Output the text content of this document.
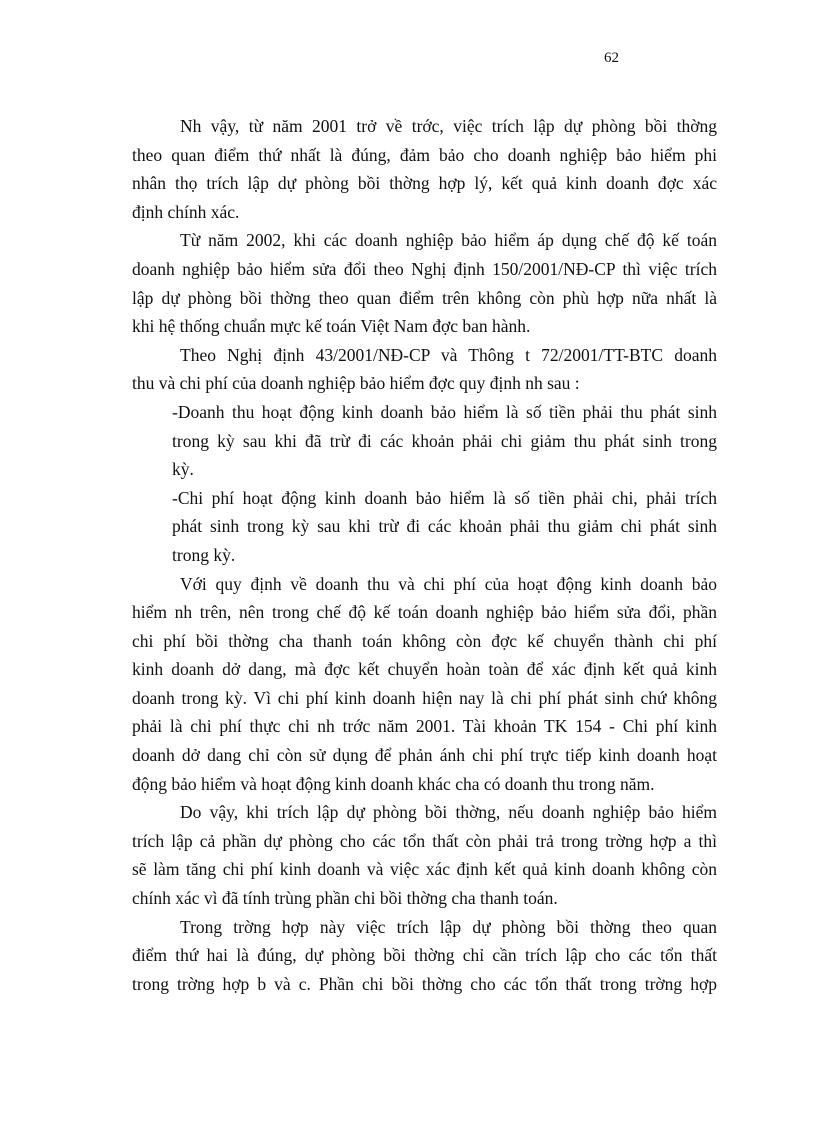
62
Nh vậy, từ năm 2001 trở về trớc, việc trích lập dự phòng bồi thờng
theo quan điểm thứ nhất là đúng, đảm bảo cho doanh nghiệp bảo hiểm phi
nhân thọ trích lập dự phòng bồi thờng hợp lý, kết quả kinh doanh đợc xác
định chính xác.
Từ năm 2002, khi các doanh nghiệp bảo hiểm áp dụng chế độ kế toán
doanh nghiệp bảo hiểm sửa đổi theo Nghị định 150/2001/NĐ-CP thì việc trích
lập dự phòng bồi thờng theo quan điểm trên không còn phù hợp nữa nhất là
khi hệ thống chuẩn mực kế toán Việt Nam đợc ban hành.
Theo Nghị định 43/2001/NĐ-CP và Thông t 72/2001/TT-BTC doanh
thu và chi phí của doanh nghiệp bảo hiểm đợc quy định nh sau :
-Doanh thu hoạt động kinh doanh bảo hiểm là số tiền phải thu phát sinh
trong kỳ sau khi đã trừ đi các khoản phải chi giảm thu phát sinh trong
kỳ.
-Chi phí hoạt động kinh doanh bảo hiểm là số tiền phải chi, phải trích
phát sinh trong kỳ sau khi trừ đi các khoản phải thu giảm chi phát sinh
trong kỳ.
Với quy định về doanh thu và chi phí của hoạt động kinh doanh bảo
hiểm nh trên, nên trong chế độ kế toán doanh nghiệp bảo hiểm sửa đổi, phần
chi phí bồi thờng cha thanh toán không còn đợc kế chuyển thành chi phí
kinh doanh dở dang, mà đợc kết chuyển hoàn toàn để xác định kết quả kinh
doanh trong kỳ. Vì chi phí kinh doanh hiện nay là chi phí phát sinh chứ không
phải là chi phí thực chi nh trớc năm 2001. Tài khoản TK 154 - Chi phí kinh
doanh dở dang chỉ còn sử dụng để phản ánh chi phí trực tiếp kinh doanh hoạt
động bảo hiểm và hoạt động kinh doanh khác cha có doanh thu trong năm.
Do vậy, khi trích lập dự phòng bồi thờng, nếu doanh nghiệp bảo hiểm
trích lập cả phần dự phòng cho các tổn thất còn phải trả trong trờng hợp a thì
sẽ làm tăng chi phí kinh doanh và việc xác định kết quả kinh doanh không còn
chính xác vì đã tính trùng phần chi bồi thờng cha thanh toán.
Trong trờng hợp này việc trích lập dự phòng bồi thờng theo quan
điểm thứ hai là đúng, dự phòng bồi thờng chỉ cần trích lập cho các tổn thất
trong trờng hợp b và c. Phần chi bồi thờng cho các tổn thất trong trờng hợp
